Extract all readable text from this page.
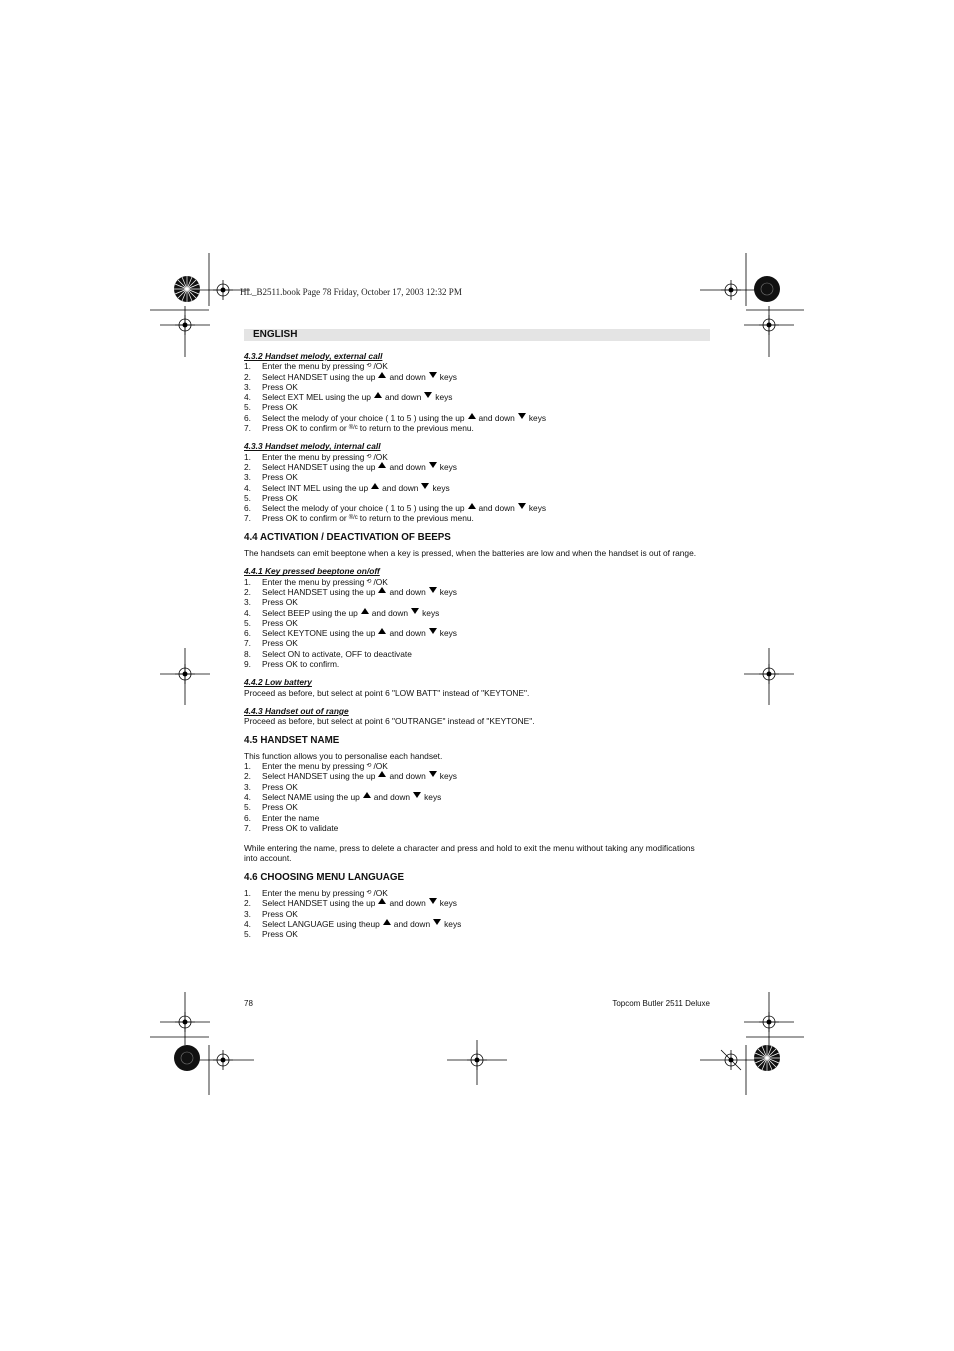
HL_B2511.book Page 78 Friday, October 17, 2003 12:32 PM
ENGLISH
4.3.2 Handset melody, external call
1.	Enter the menu by pressing ⟲ /OK
2.	Select HANDSET using the up and down keys
3.	Press OK
4.	Select EXT MEL using the up and down keys
5.	Press OK
6.	Select the melody of your choice ( 1 to 5 ) using the up and down keys
7.	Press OK to confirm or ®/c to return to the previous menu.
4.3.3 Handset melody, internal call
1.	Enter the menu by pressing ⟲ /OK
2.	Select HANDSET using the up and down keys
3.	Press OK
4.	Select INT MEL using the up and down keys
5.	Press OK
6.	Select the melody of your choice ( 1 to 5 ) using the up and down keys
7.	Press OK to confirm or ®/c to return to the previous menu.
4.4 ACTIVATION / DEACTIVATION OF BEEPS

The handsets can emit beeptone when a key is pressed, when the batteries are low and when the handset is out of range.

4.4.1 Key pressed beeptone on/off
1.	Enter the menu by pressing ⟲ /OK
2.	Select HANDSET using the up and down keys
3.	Press OK
4.	Select BEEP using the up and down keys
5.	Press OK
6.	Select KEYTONE using the up and down keys
7.	Press OK
8.	Select ON to activate, OFF to deactivate
9.	Press OK to confirm.
4.4.2 Low battery

Proceed as before, but select at point 6 "LOW BATT" instead of "KEYTONE".

4.4.3 Handset out of range

Proceed as before, but select at point 6 "OUTRANGE" instead of "KEYTONE".

4.5 HANDSET NAME

This function allows you to personalise each handset.

1.	Enter the menu by pressing ⟲ /OK
2.	Select HANDSET using the up and down keys
3.	Press OK
4.	Select NAME using the up and down keys
5.	Press OK
6.	Enter the name
7.	Press OK to validate

While entering the name, press to delete a character and press and hold to exit the menu without taking any modifications into account.

4.6 CHOOSING MENU LANGUAGE
1.	Enter the menu by pressing ⟲ /OK
2.	Select HANDSET using the up and down keys
3.	Press OK
4.	Select LANGUAGE using theup and down keys
5.	Press OK
78	Topcom Butler 2511 Deluxe
